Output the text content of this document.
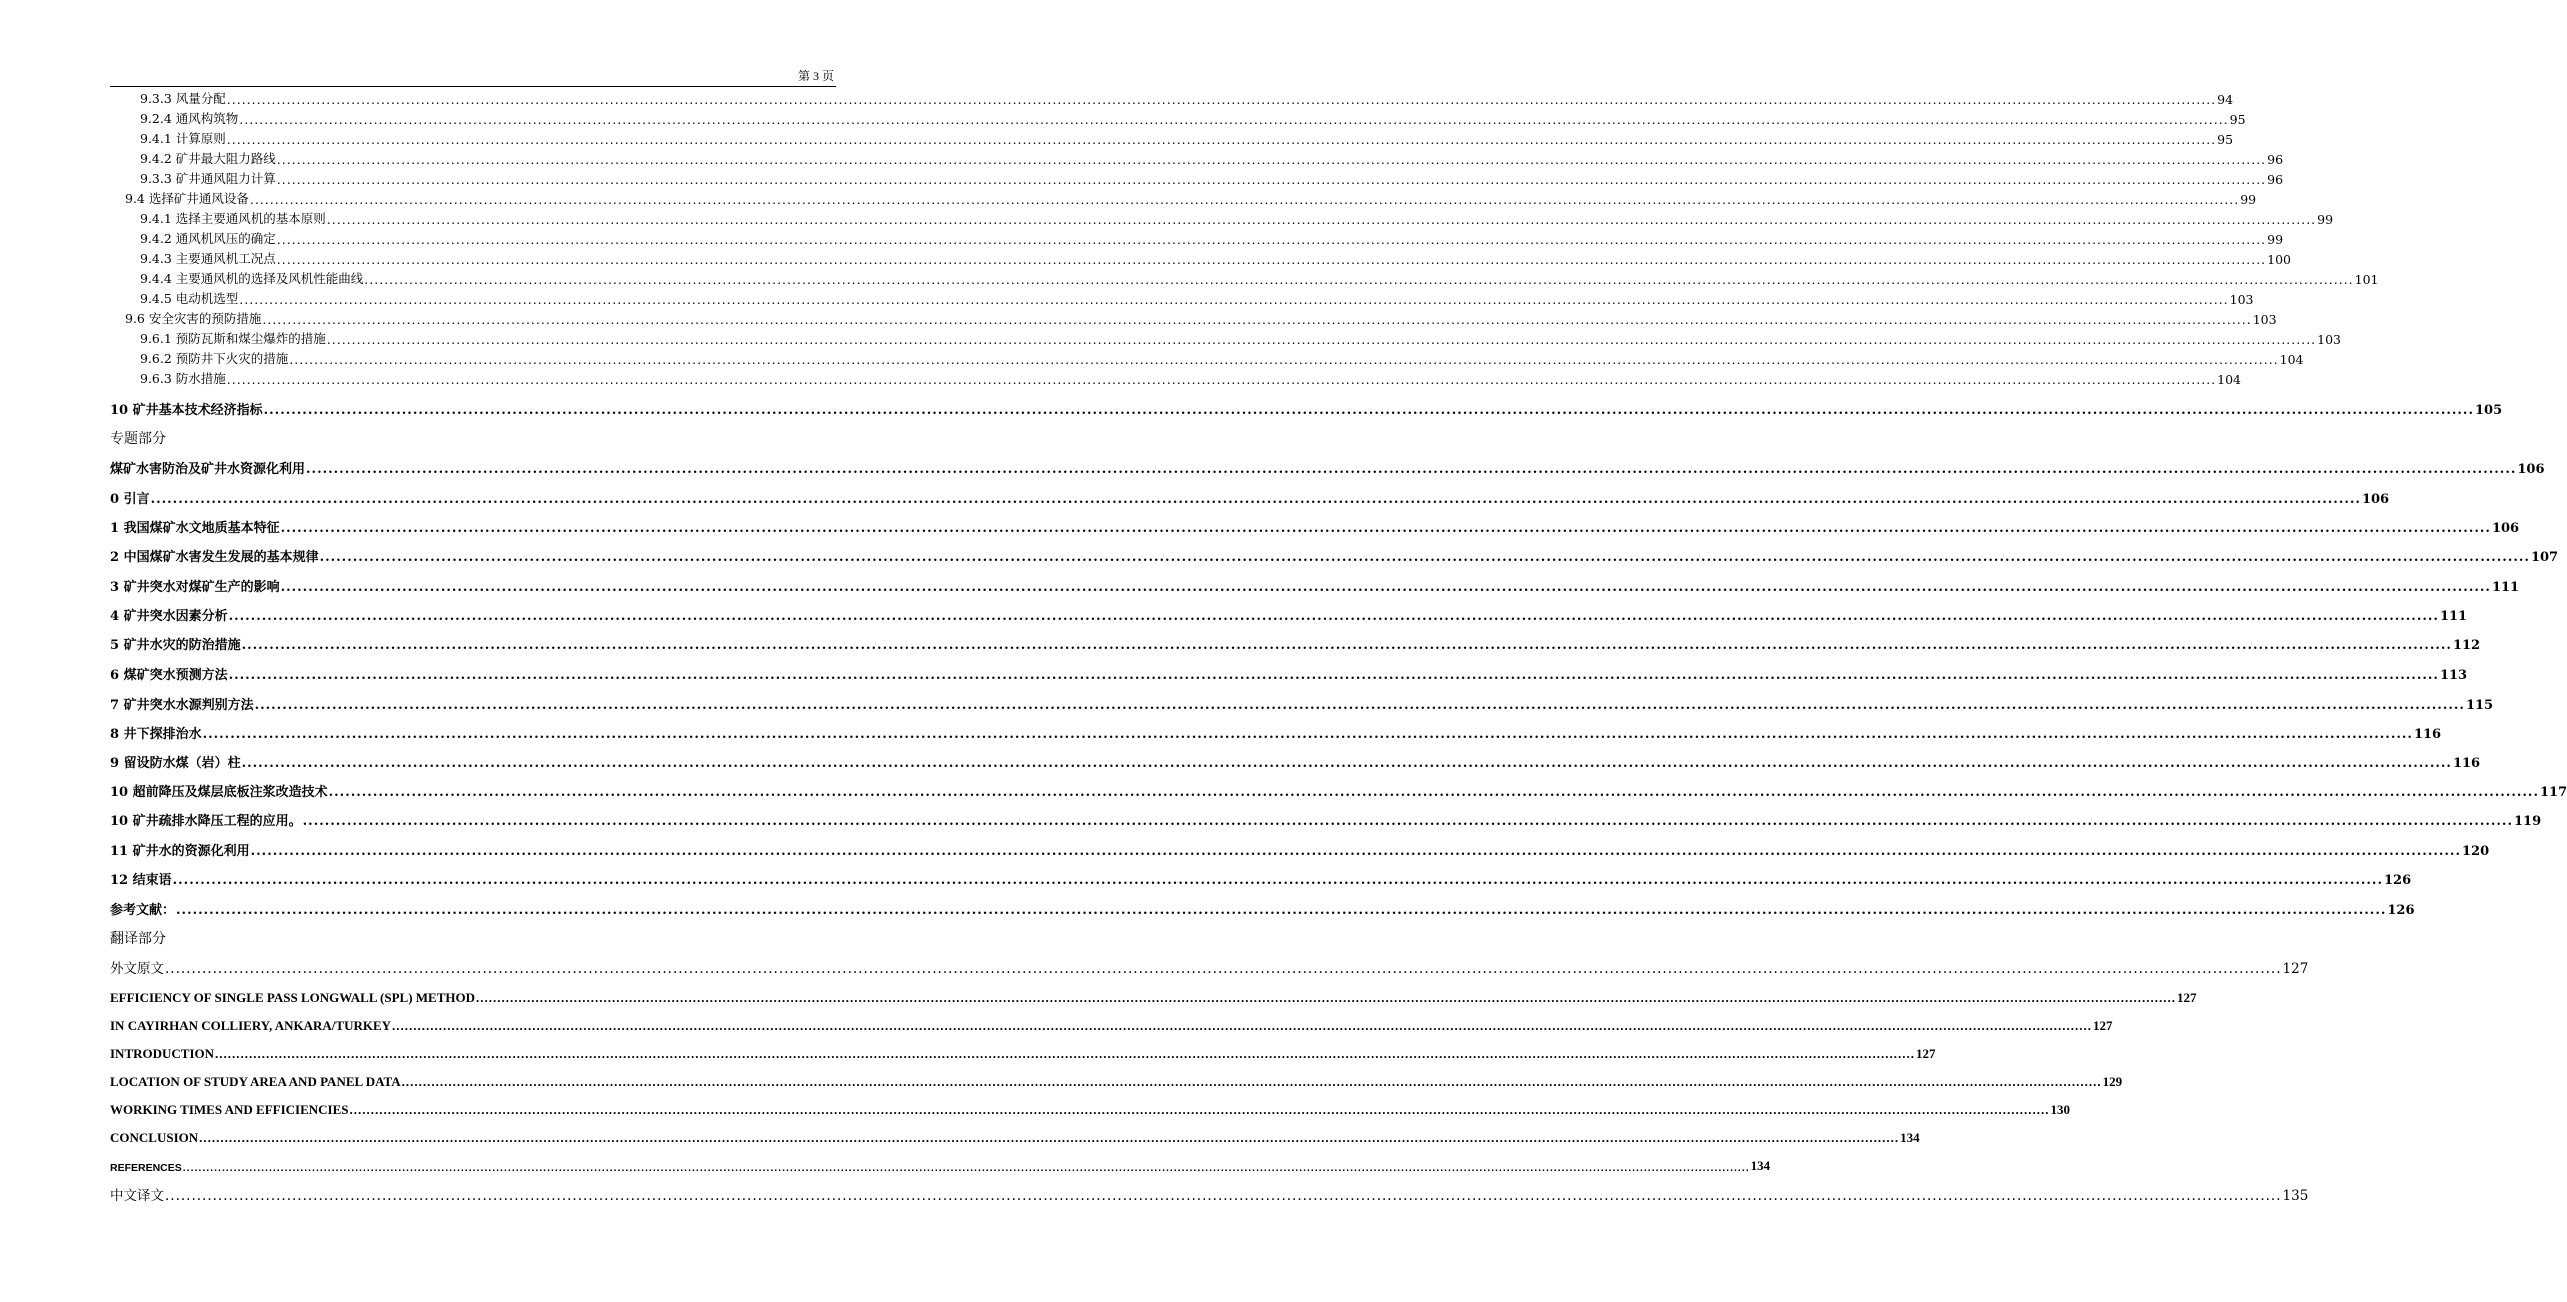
第 3 页
9.3.3 风量分配 ................................................................................................................................................................................................................................................................................................................................................................................................................ 94
9.2.4 通风构筑物 ................................................................................................................................................................................................................................................................................................................................................................................................................ 95
9.4.1 计算原则 ................................................................................................................................................................................................................................................................................................................................................................................................................ 95
9.4.2 矿井最大阻力路线 ................................................................................................................................................................................................................................................................................................................................................................................................................ 96
9.3.3 矿井通风阻力计算 ................................................................................................................................................................................................................................................................................................................................................................................................................ 96
9.4 选择矿井通风设备 ................................................................................................................................................................................................................................................................................................................................................................................................................ 99
9.4.1 选择主要通风机的基本原则 ................................................................................................................................................................................................................................................................................................................................................................................................................ 99
9.4.2 通风机风压的确定 ................................................................................................................................................................................................................................................................................................................................................................................................................ 99
9.4.3 主要通风机工况点 ................................................................................................................................................................................................................................................................................................................................................................................................................ 100
9.4.4 主要通风机的选择及风机性能曲线 ................................................................................................................................................................................................................................................................................................................................................................................................................ 101
9.4.5 电动机选型 ................................................................................................................................................................................................................................................................................................................................................................................................................ 103
9.6 安全灾害的预防措施 ................................................................................................................................................................................................................................................................................................................................................................................................................ 103
9.6.1 预防瓦斯和煤尘爆炸的措施 ................................................................................................................................................................................................................................................................................................................................................................................................................ 103
9.6.2 预防井下火灾的措施 ................................................................................................................................................................................................................................................................................................................................................................................................................ 104
9.6.3 防水措施 ................................................................................................................................................................................................................................................................................................................................................................................................................ 104
10 矿井基本技术经济指标 ................................................................................................................................................................................................................................................................................................................................................................................................................ 105
专题部分
煤矿水害防治及矿井水资源化利用 ................................................................................................................................................................................................................................................................................................................................................................................................................ 106
0 引言 ................................................................................................................................................................................................................................................................................................................................................................................................................ 106
1 我国煤矿水文地质基本特征 ................................................................................................................................................................................................................................................................................................................................................................................................................ 106
2 中国煤矿水害发生发展的基本规律 ................................................................................................................................................................................................................................................................................................................................................................................................................ 107
3 矿井突水对煤矿生产的影响 ................................................................................................................................................................................................................................................................................................................................................................................................................ 111
4 矿井突水因素分析 ................................................................................................................................................................................................................................................................................................................................................................................................................ 111
5 矿井水灾的防治措施 ................................................................................................................................................................................................................................................................................................................................................................................................................ 112
6 煤矿突水预测方法 ................................................................................................................................................................................................................................................................................................................................................................................................................ 113
7 矿井突水水源判别方法 ................................................................................................................................................................................................................................................................................................................................................................................................................ 115
8 井下探排治水 ................................................................................................................................................................................................................................................................................................................................................................................................................ 116
9 留设防水煤（岩）柱 ................................................................................................................................................................................................................................................................................................................................................................................................................ 116
10 超前降压及煤层底板注浆改造技术 ................................................................................................................................................................................................................................................................................................................................................................................................................ 117
10 矿井疏排水降压工程的应用。 ................................................................................................................................................................................................................................................................................................................................................................................................................ 119
11 矿井水的资源化利用 ................................................................................................................................................................................................................................................................................................................................................................................................................ 120
12 结束语 ................................................................................................................................................................................................................................................................................................................................................................................................................ 126
参考文献： ................................................................................................................................................................................................................................................................................................................................................................................................................ 126
翻译部分
外文原文 ................................................................................................................................................................................................................................................................................................................................................................................................................ 127
EFFICIENCY OF SINGLE PASS LONGWALL (SPL) METHOD ................................................................................................................................................................................................................................................................................................................................................................................................................ 127
IN CAYIRHAN COLLIERY, ANKARA/TURKEY ................................................................................................................................................................................................................................................................................................................................................................................................................ 127
INTRODUCTION ................................................................................................................................................................................................................................................................................................................................................................................................................ 127
LOCATION OF STUDY AREA AND PANEL DATA ................................................................................................................................................................................................................................................................................................................................................................................................................ 129
WORKING TIMES AND EFFICIENCIES ................................................................................................................................................................................................................................................................................................................................................................................................................ 130
CONCLUSION ................................................................................................................................................................................................................................................................................................................................................................................................................ 134
REFERENCES ................................................................................................................................................................................................................................................................................................................................................................................................................ 134
中文译文 ................................................................................................................................................................................................................................................................................................................................................................................................................ 135
